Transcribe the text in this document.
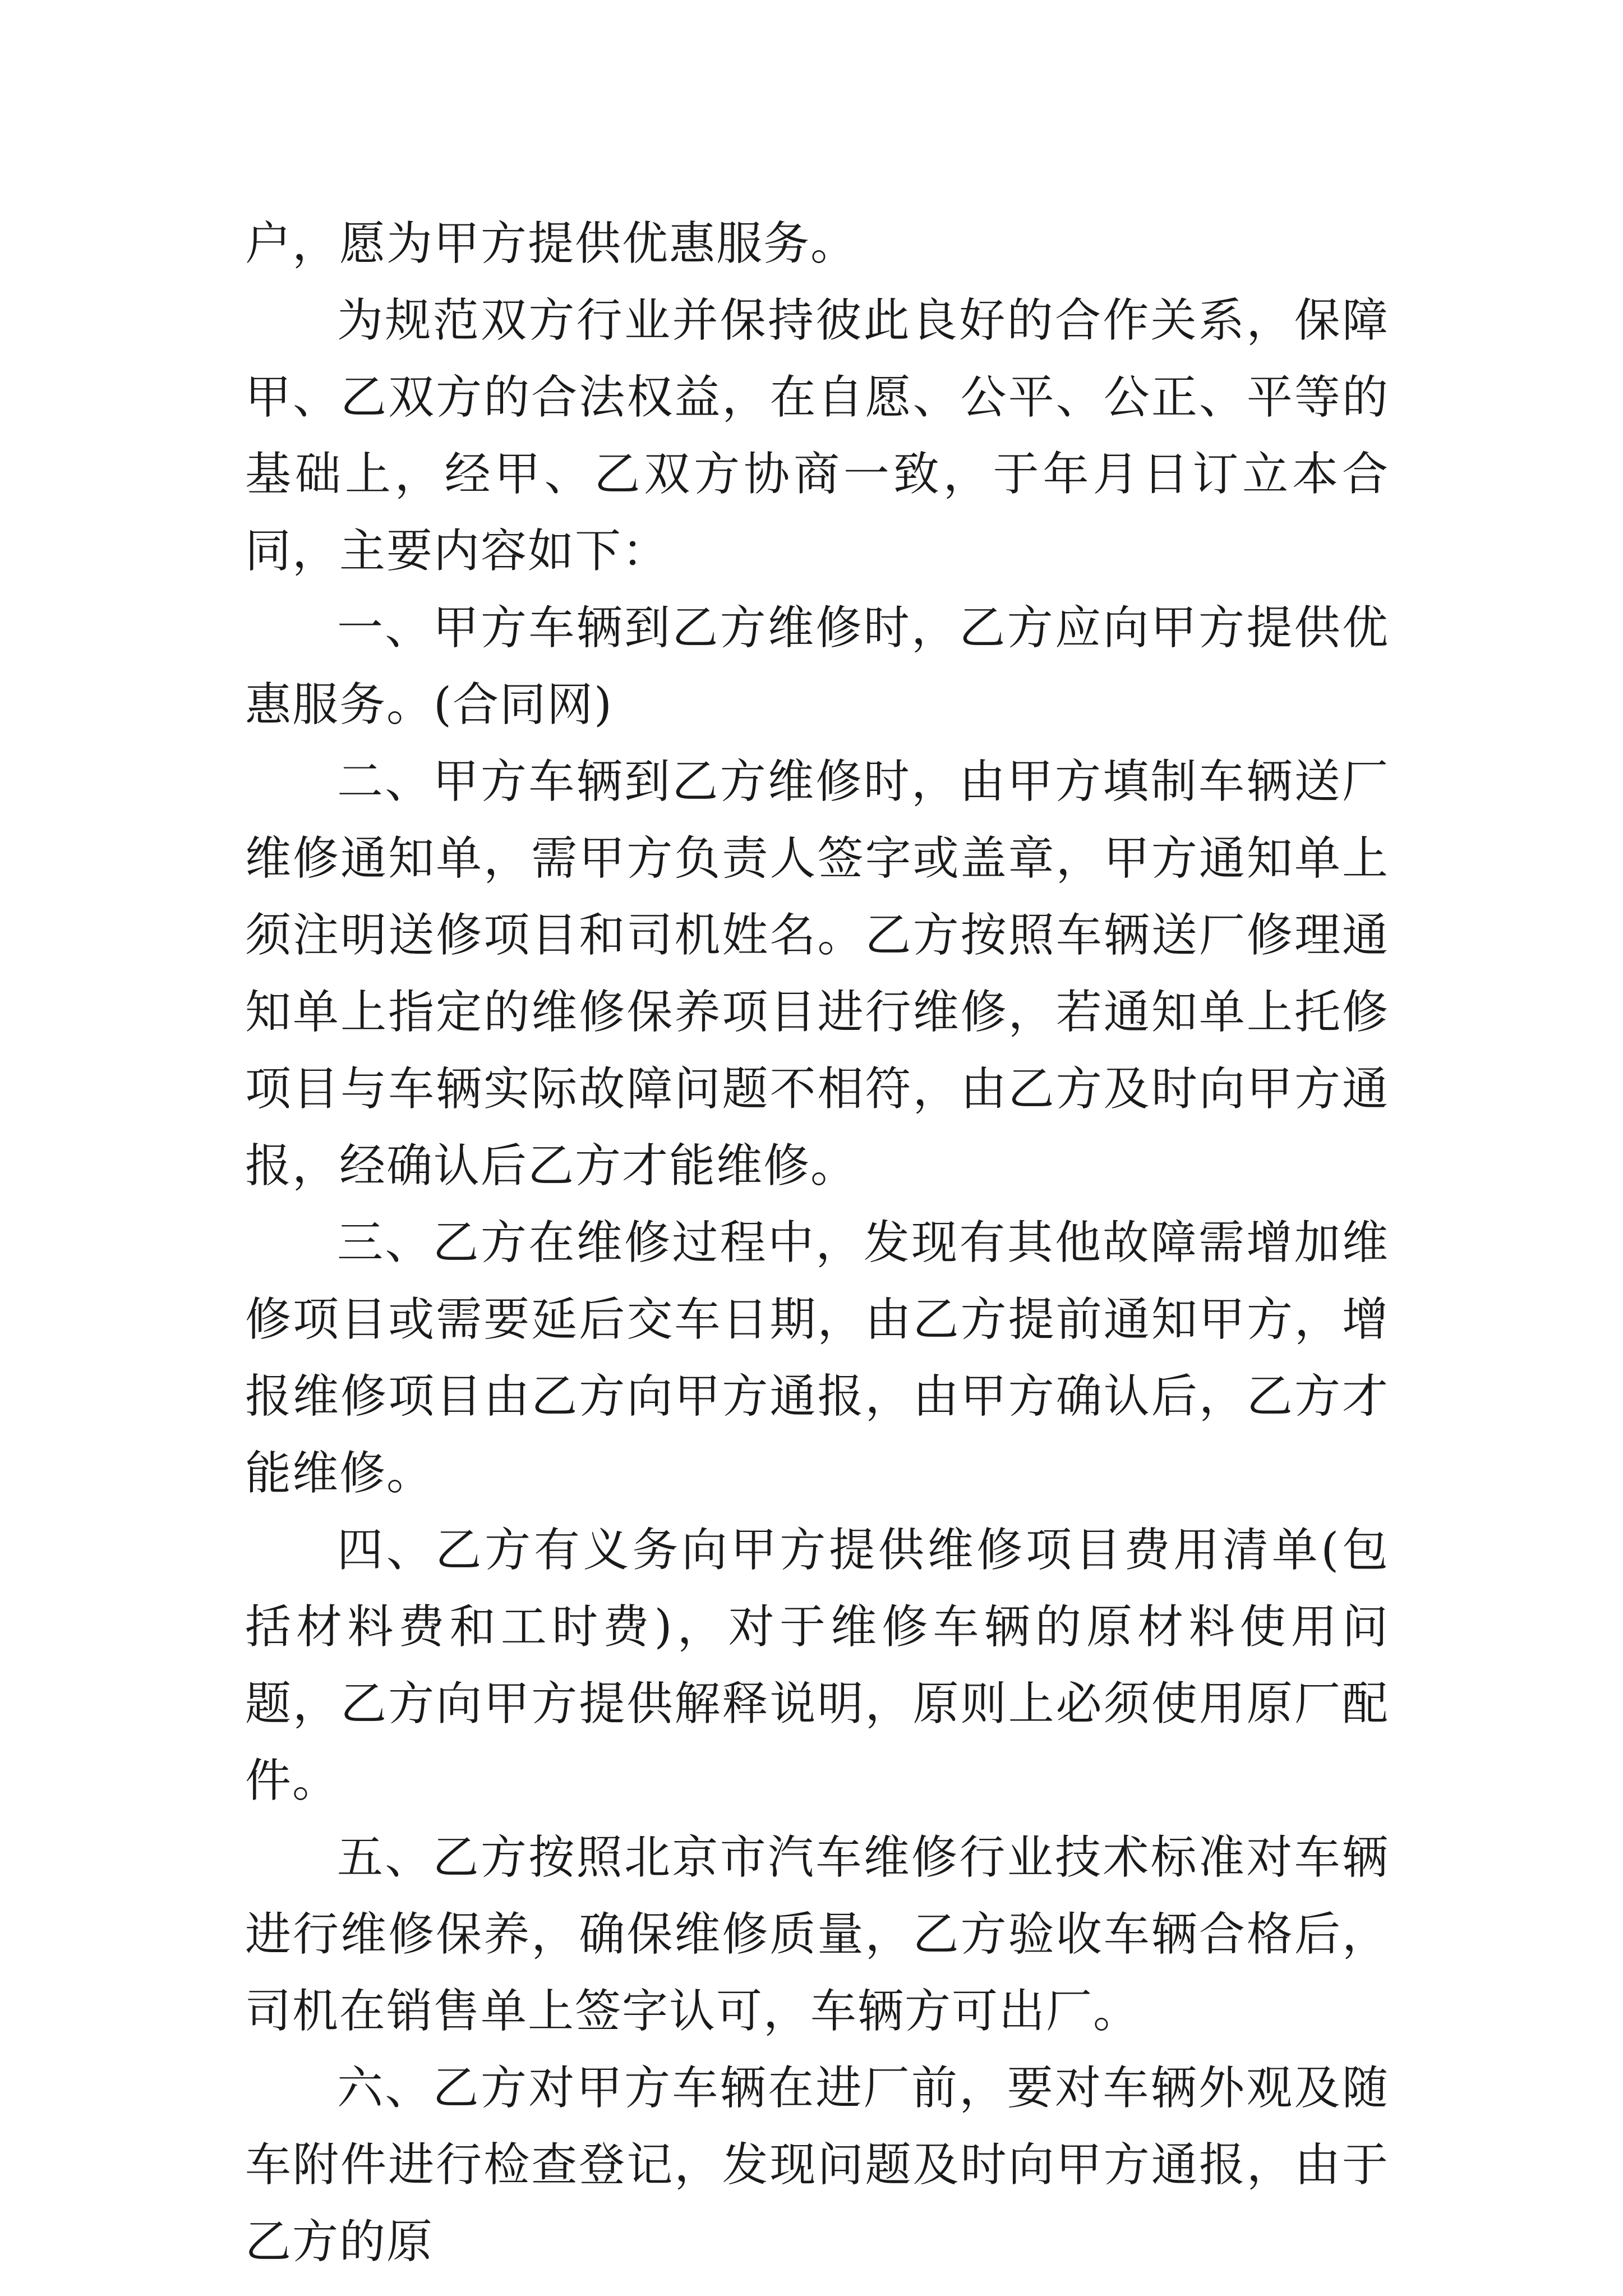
户，愿为甲方提供优惠服务。

为规范双方行业并保持彼此良好的合作关系，保障甲、乙双方的合法权益，在自愿、公平、公正、平等的基础上，经甲、乙双方协商一致，于年月日订立本合同，主要内容如下：

一、甲方车辆到乙方维修时，乙方应向甲方提供优惠服务。(合同网)

二、甲方车辆到乙方维修时，由甲方填制车辆送厂维修通知单，需甲方负责人签字或盖章，甲方通知单上须注明送修项目和司机姓名。乙方按照车辆送厂修理通知单上指定的维修保养项目进行维修，若通知单上托修项目与车辆实际故障问题不相符，由乙方及时向甲方通报，经确认后乙方才能维修。

三、乙方在维修过程中，发现有其他故障需增加维修项目或需要延后交车日期，由乙方提前通知甲方，增报维修项目由乙方向甲方通报，由甲方确认后，乙方才能维修。

四、乙方有义务向甲方提供维修项目费用清单(包括材料费和工时费)，对于维修车辆的原材料使用问题，乙方向甲方提供解释说明，原则上必须使用原厂配件。

五、乙方按照北京市汽车维修行业技术标准对车辆进行维修保养，确保维修质量，乙方验收车辆合格后，司机在销售单上签字认可，车辆方可出厂。

六、乙方对甲方车辆在进厂前，要对车辆外观及随车附件进行检查登记，发现问题及时向甲方通报，由于乙方的原
